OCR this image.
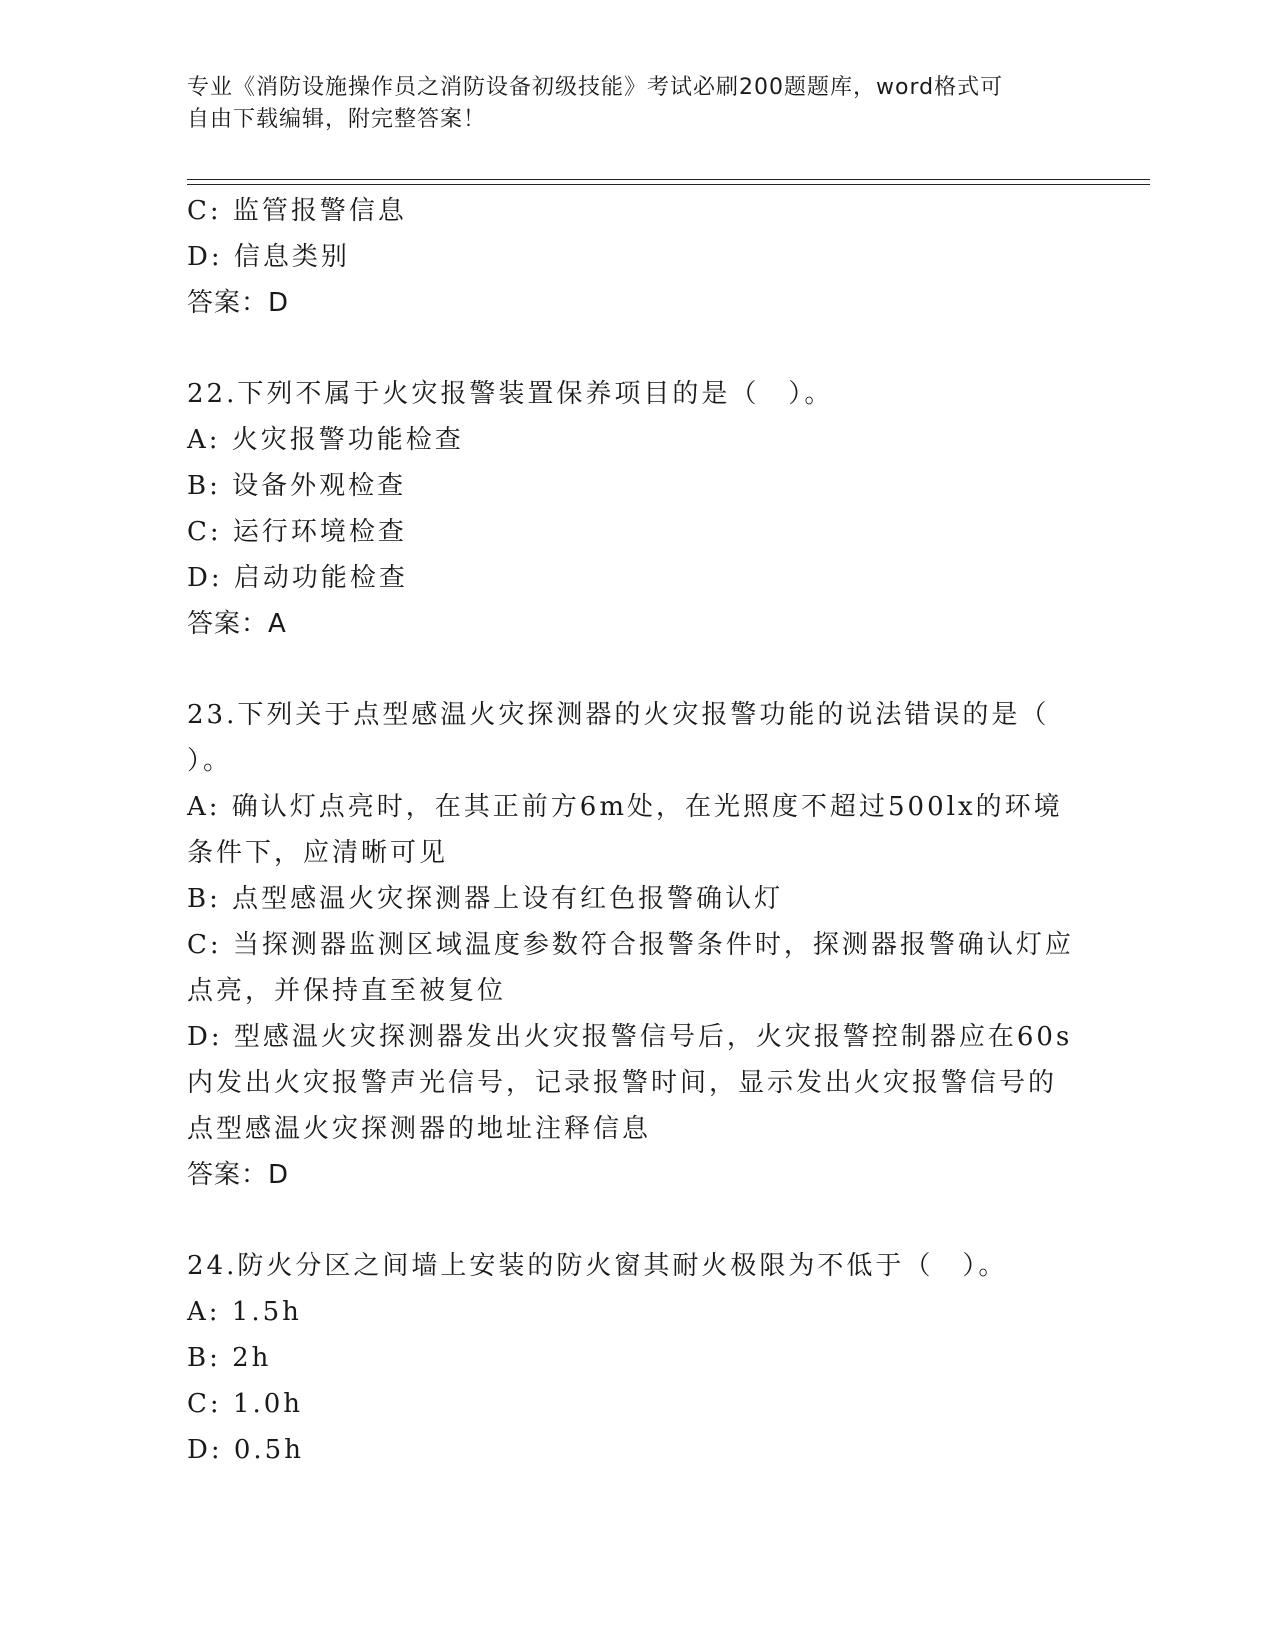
专业《消防设施操作员之消防设备初级技能》考试必刷200题题库，word格式可
自由下载编辑，附完整答案！
C: 监管报警信息
D: 信息类别
答案：D
22.下列不属于火灾报警装置保养项目的是（　）。
A: 火灾报警功能检查
B: 设备外观检查
C: 运行环境检查
D: 启动功能检查
答案：A
23.下列关于点型感温火灾探测器的火灾报警功能的说法错误的是（
）。
A: 确认灯点亮时，在其正前方6m处，在光照度不超过500lx的环境
条件下，应清晰可见
B: 点型感温火灾探测器上设有红色报警确认灯
C: 当探测器监测区域温度参数符合报警条件时，探测器报警确认灯应
点亮，并保持直至被复位
D: 型感温火灾探测器发出火灾报警信号后，火灾报警控制器应在60s
内发出火灾报警声光信号，记录报警时间，显示发出火灾报警信号的
点型感温火灾探测器的地址注释信息
答案：D
24.防火分区之间墙上安装的防火窗其耐火极限为不低于（　）。
A: 1.5h
B: 2h
C: 1.0h
D: 0.5h
